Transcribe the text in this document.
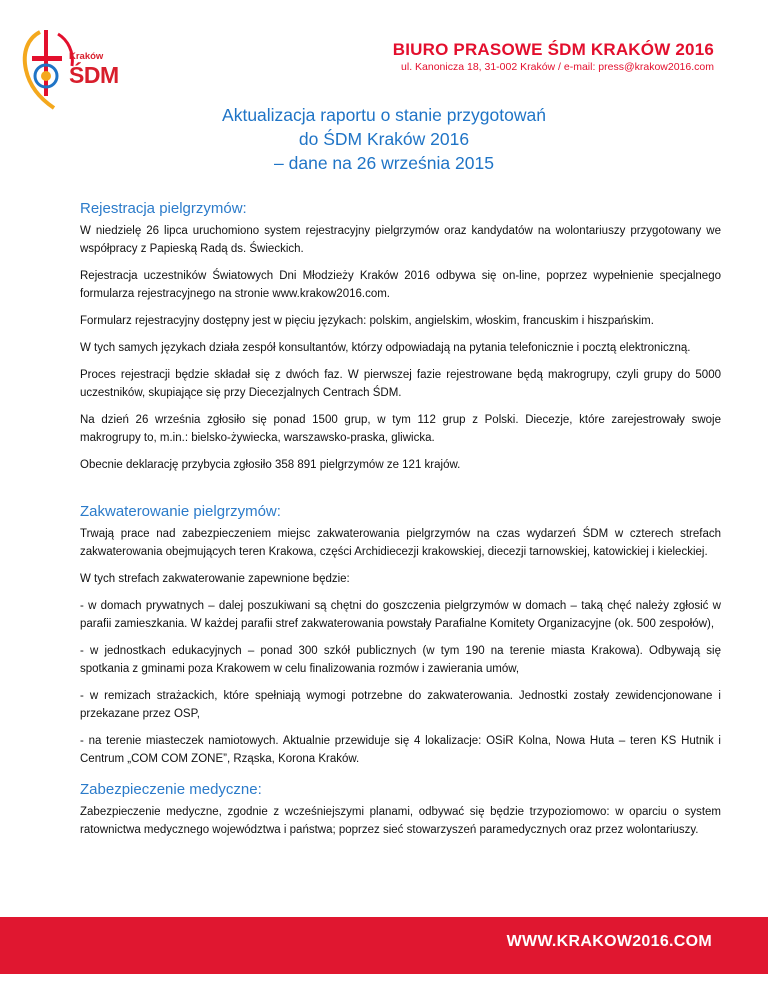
Kraków
ŚDM
BIURO PRASOWE ŚDM KRAKÓW 2016
ul. Kanonicza 18, 31-002 Kraków / e-mail: press@krakow2016.com
Aktualizacja raportu o stanie przygotowań
do ŚDM Kraków 2016
– dane na 26 września 2015
Rejestracja pielgrzymów:

W niedzielę 26 lipca uruchomiono system rejestracyjny pielgrzymów oraz kandydatów na wolontariuszy przygotowany we współpracy z Papieską Radą ds. Świeckich.

Rejestracja uczestników Światowych Dni Młodzieży Kraków 2016 odbywa się on-line, poprzez wypełnienie specjalnego formularza rejestracyjnego na stronie www.krakow2016.com.

Formularz rejestracyjny dostępny jest w pięciu językach: polskim, angielskim, włoskim, francuskim i hiszpańskim.

W tych samych językach działa zespół konsultantów, którzy odpowiadają na pytania telefonicznie i pocztą elektroniczną.

Proces rejestracji będzie składał się z dwóch faz. W pierwszej fazie rejestrowane będą makrogrupy, czyli grupy do 5000 uczestników, skupiające się przy Diecezjalnych Centrach ŚDM.

Na dzień 26 września zgłosiło się ponad 1500 grup, w tym 112 grup z Polski. Diecezje, które zarejestrowały swoje makrogrupy to, m.in.: bielsko-żywiecka, warszawsko-praska, gliwicka.

Obecnie deklarację przybycia zgłosiło 358 891 pielgrzymów ze 121 krajów.

Zakwaterowanie pielgrzymów:

Trwają prace nad zabezpieczeniem miejsc zakwaterowania pielgrzymów na czas wydarzeń ŚDM w czterech strefach zakwaterowania obejmujących teren Krakowa, części Archidiecezji krakowskiej, diecezji tarnowskiej, katowickiej i kieleckiej.

W tych strefach zakwaterowanie zapewnione będzie:

- w domach prywatnych – dalej poszukiwani są chętni do goszczenia pielgrzymów w domach – taką chęć należy zgłosić w parafii zamieszkania. W każdej parafii stref zakwaterowania powstały Parafialne Komitety Organizacyjne (ok. 500 zespołów),

- w jednostkach edukacyjnych – ponad 300 szkół publicznych (w tym 190 na terenie miasta Krakowa). Odbywają się spotkania z gminami poza Krakowem w celu finalizowania rozmów i zawierania umów,

- w remizach strażackich, które spełniają wymogi potrzebne do zakwaterowania. Jednostki zostały zewidencjonowane i przekazane przez OSP,

- na terenie miasteczek namiotowych. Aktualnie przewiduje się 4 lokalizacje: OSiR Kolna, Nowa Huta – teren KS Hutnik i Centrum „COM COM ZONE”, Rząska, Korona Kraków.

Zabezpieczenie medyczne:

Zabezpieczenie medyczne, zgodnie z wcześniejszymi planami, odbywać się będzie trzypoziomowo: w oparciu o system ratownictwa medycznego województwa i państwa; poprzez sieć stowarzyszeń paramedycznych oraz przez wolontariuszy.

WWW.KRAKOW2016.COM
